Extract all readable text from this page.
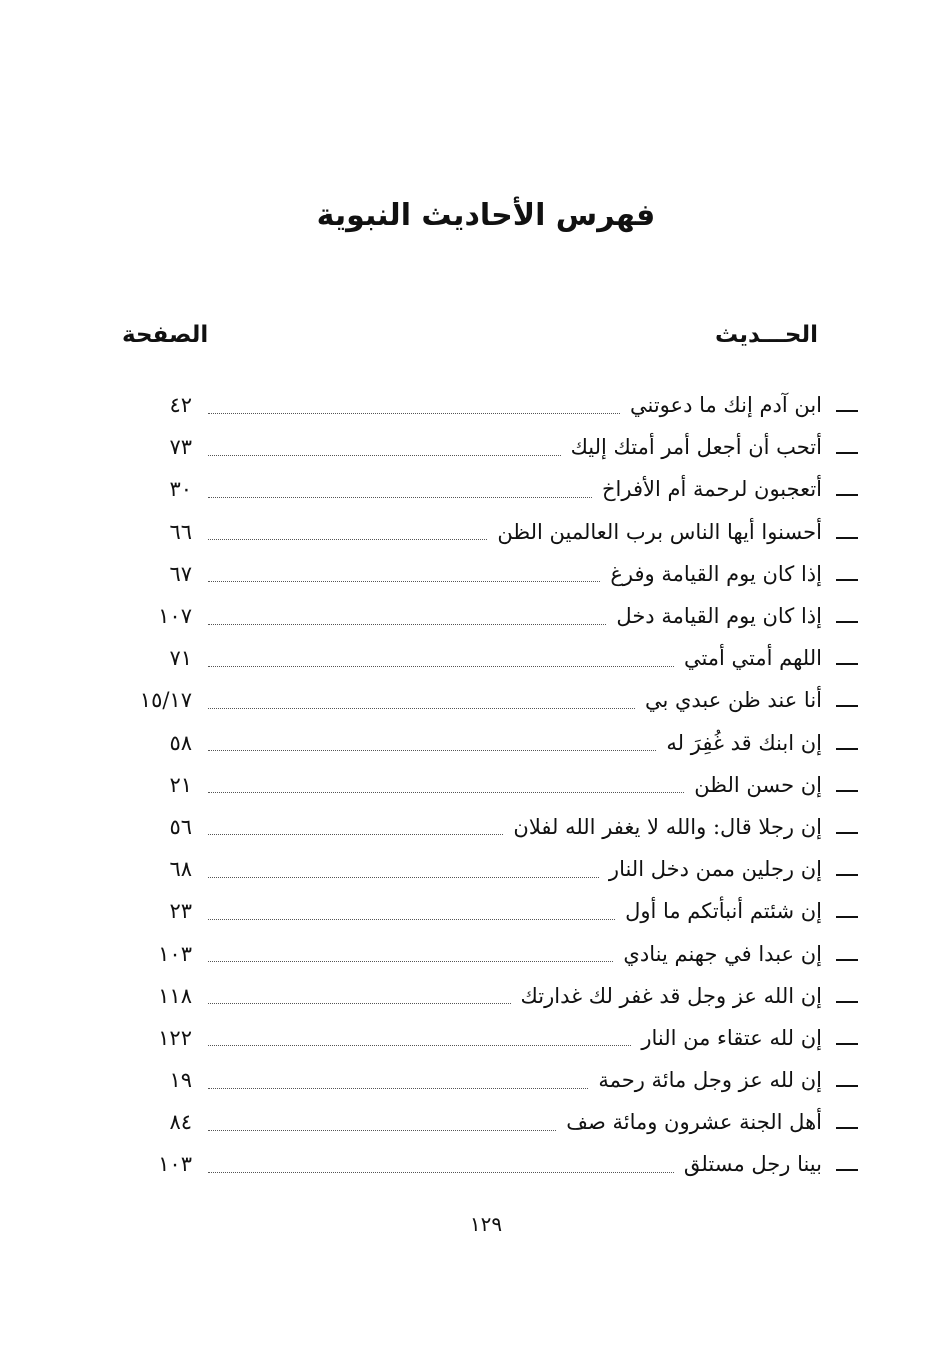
فهرس الأحاديث النبوية
الحـــديث
الصفحة
ابن آدم إنك ما دعوتني
٤٢
أتحب أن أجعل أمر أمتك إليك
٧٣
أتعجبون لرحمة أم الأفراخ
٣٠
أحسنوا أيها الناس برب العالمين الظن
٦٦
إذا كان يوم القيامة وفرغ
٦٧
إذا كان يوم القيامة دخل
١٠٧
اللهم أمتي أمتي
٧١
أنا عند ظن عبدي بي
١٥/١٧
إن ابنك قد غُفِرَ له
٥٨
إن حسن الظن
٢١
إن رجلا قال: والله لا يغفر الله لفلان
٥٦
إن رجلين ممن دخل النار
٦٨
إن شئتم أنبأتكم ما أول
٢٣
إن عبدا في جهنم ينادي
١٠٣
إن الله عز وجل قد غفر لك غدارتك
١١٨
إن لله عتقاء من النار
١٢٢
إن لله عز وجل مائة رحمة
١٩
أهل الجنة عشرون ومائة صف
٨٤
بينا رجل مستلق
١٠٣
١٢٩
